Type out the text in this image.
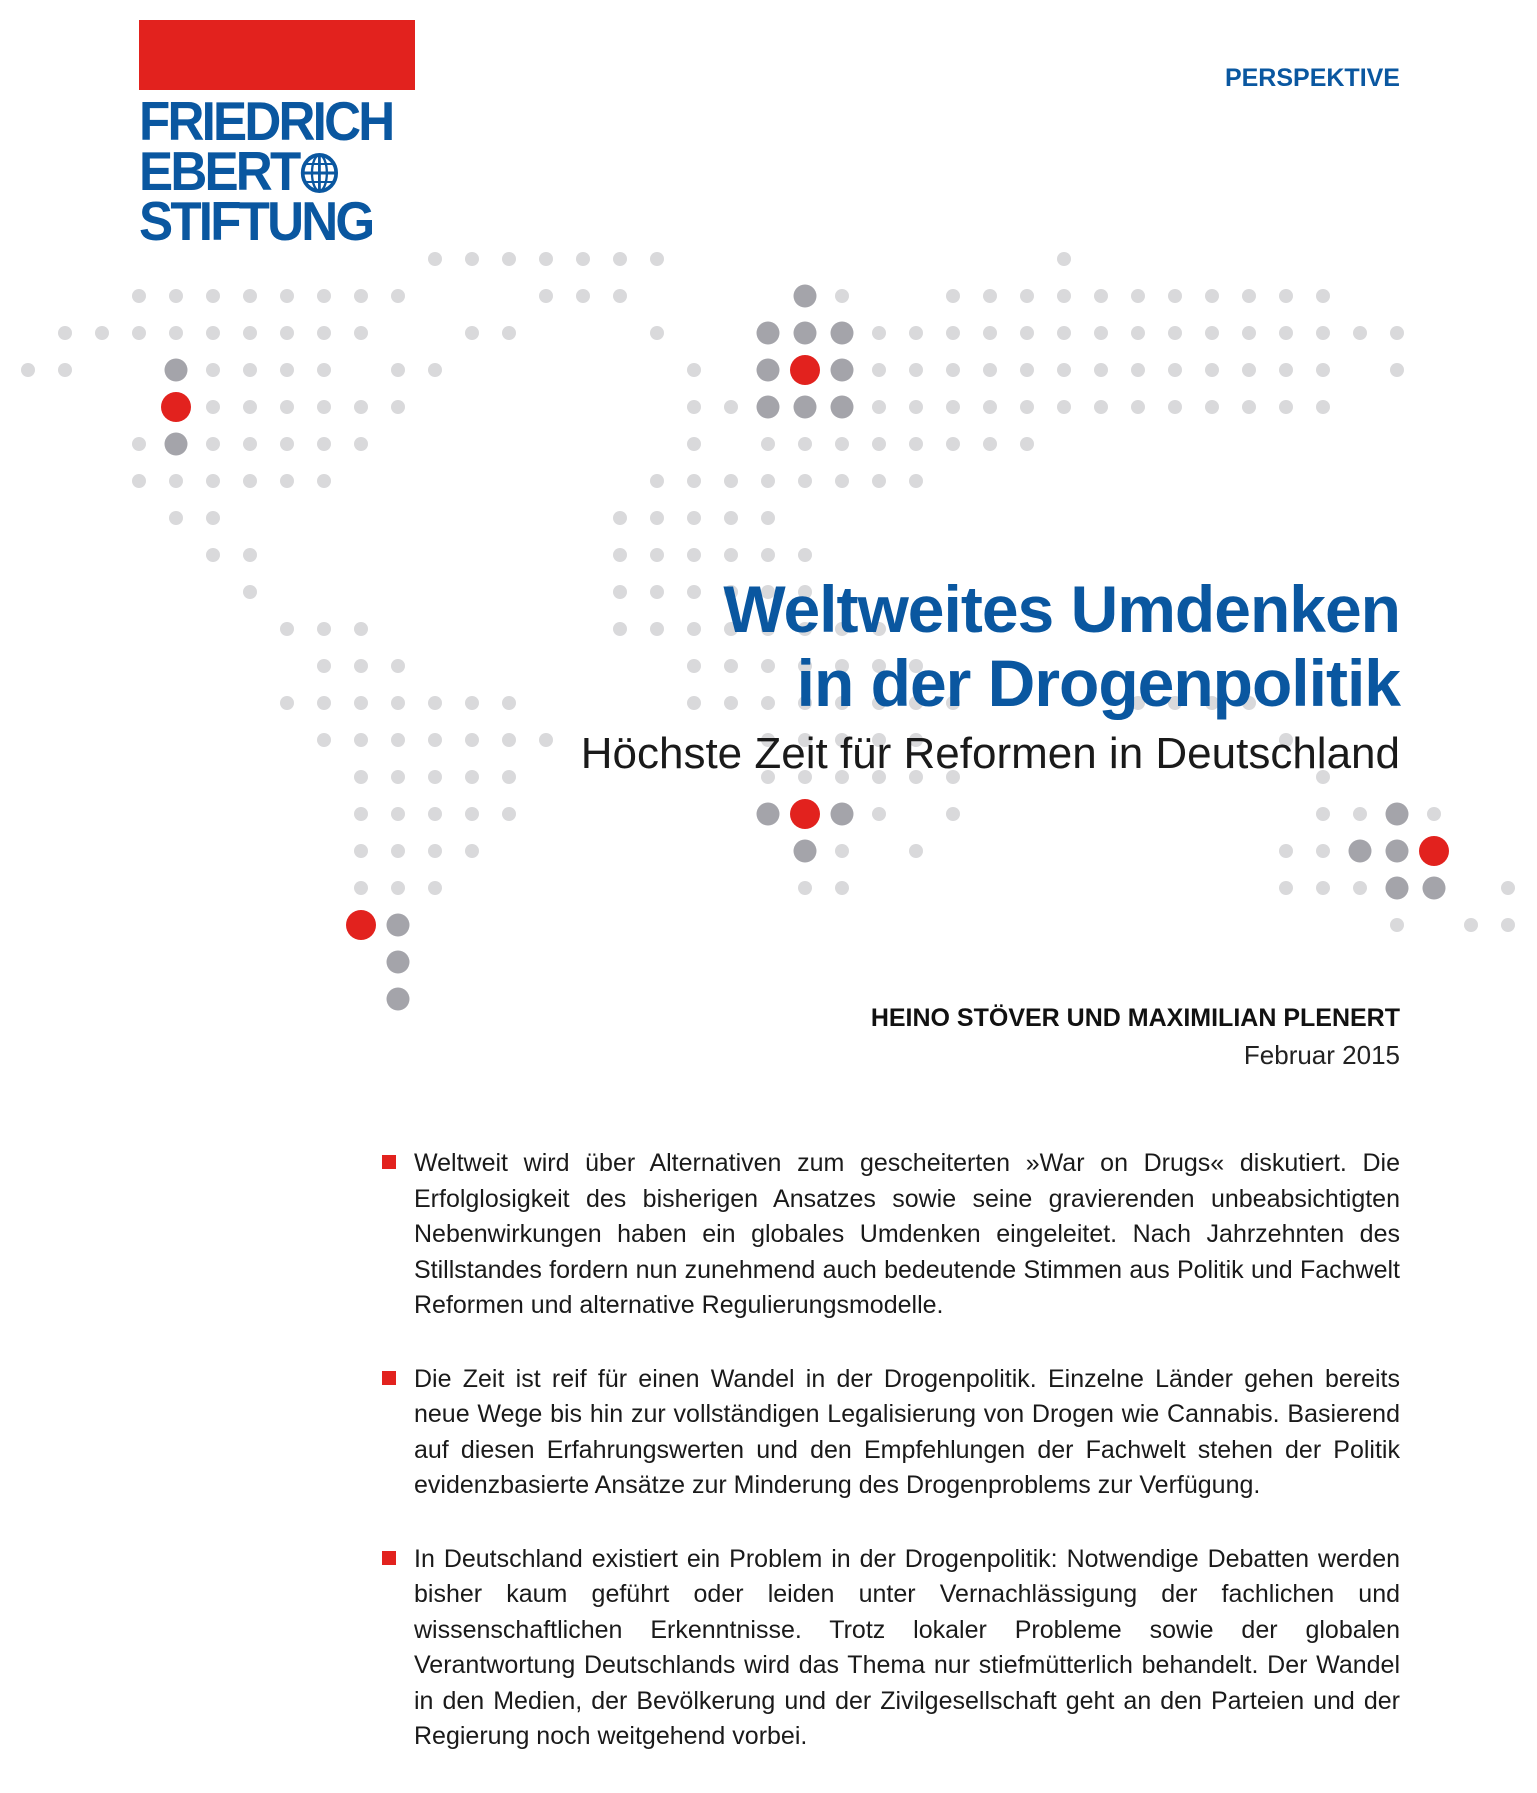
FRIEDRICH
EBERT
STIFTUNG
PERSPEKTIVE
Weltweites Umdenken
in der Drogenpolitik
Höchste Zeit für Reformen in Deutschland
HEINO STÖVER UND MAXIMILIAN PLENERT
Februar 2015

Weltweit wird über Alternativen zum gescheiterten »War on Drugs« diskutiert. Die Erfolglosigkeit des bisherigen Ansatzes sowie seine gravierenden unbeabsichtigten Nebenwirkungen haben ein globales Umdenken eingeleitet. Nach Jahrzehnten des Stillstandes fordern nun zunehmend auch bedeutende Stimmen aus Politik und Fachwelt Reformen und alternative Regulierungsmodelle.

Die Zeit ist reif für einen Wandel in der Drogenpolitik. Einzelne Länder gehen bereits neue Wege bis hin zur vollständigen Legalisierung von Drogen wie Cannabis. Basierend auf diesen Erfahrungswerten und den Empfehlungen der Fachwelt stehen der Politik evidenzbasierte Ansätze zur Minderung des Drogenproblems zur Verfügung.

In Deutschland existiert ein Problem in der Drogenpolitik: Notwendige Debatten werden bisher kaum geführt oder leiden unter Vernachlässigung der fachlichen und wissenschaftlichen Erkenntnisse. Trotz lokaler Probleme sowie der globalen Verantwortung Deutschlands wird das Thema nur stiefmütterlich behandelt. Der Wandel in den Medien, der Bevölkerung und der Zivilgesellschaft geht an den Parteien und der Regierung noch weitgehend vorbei.
